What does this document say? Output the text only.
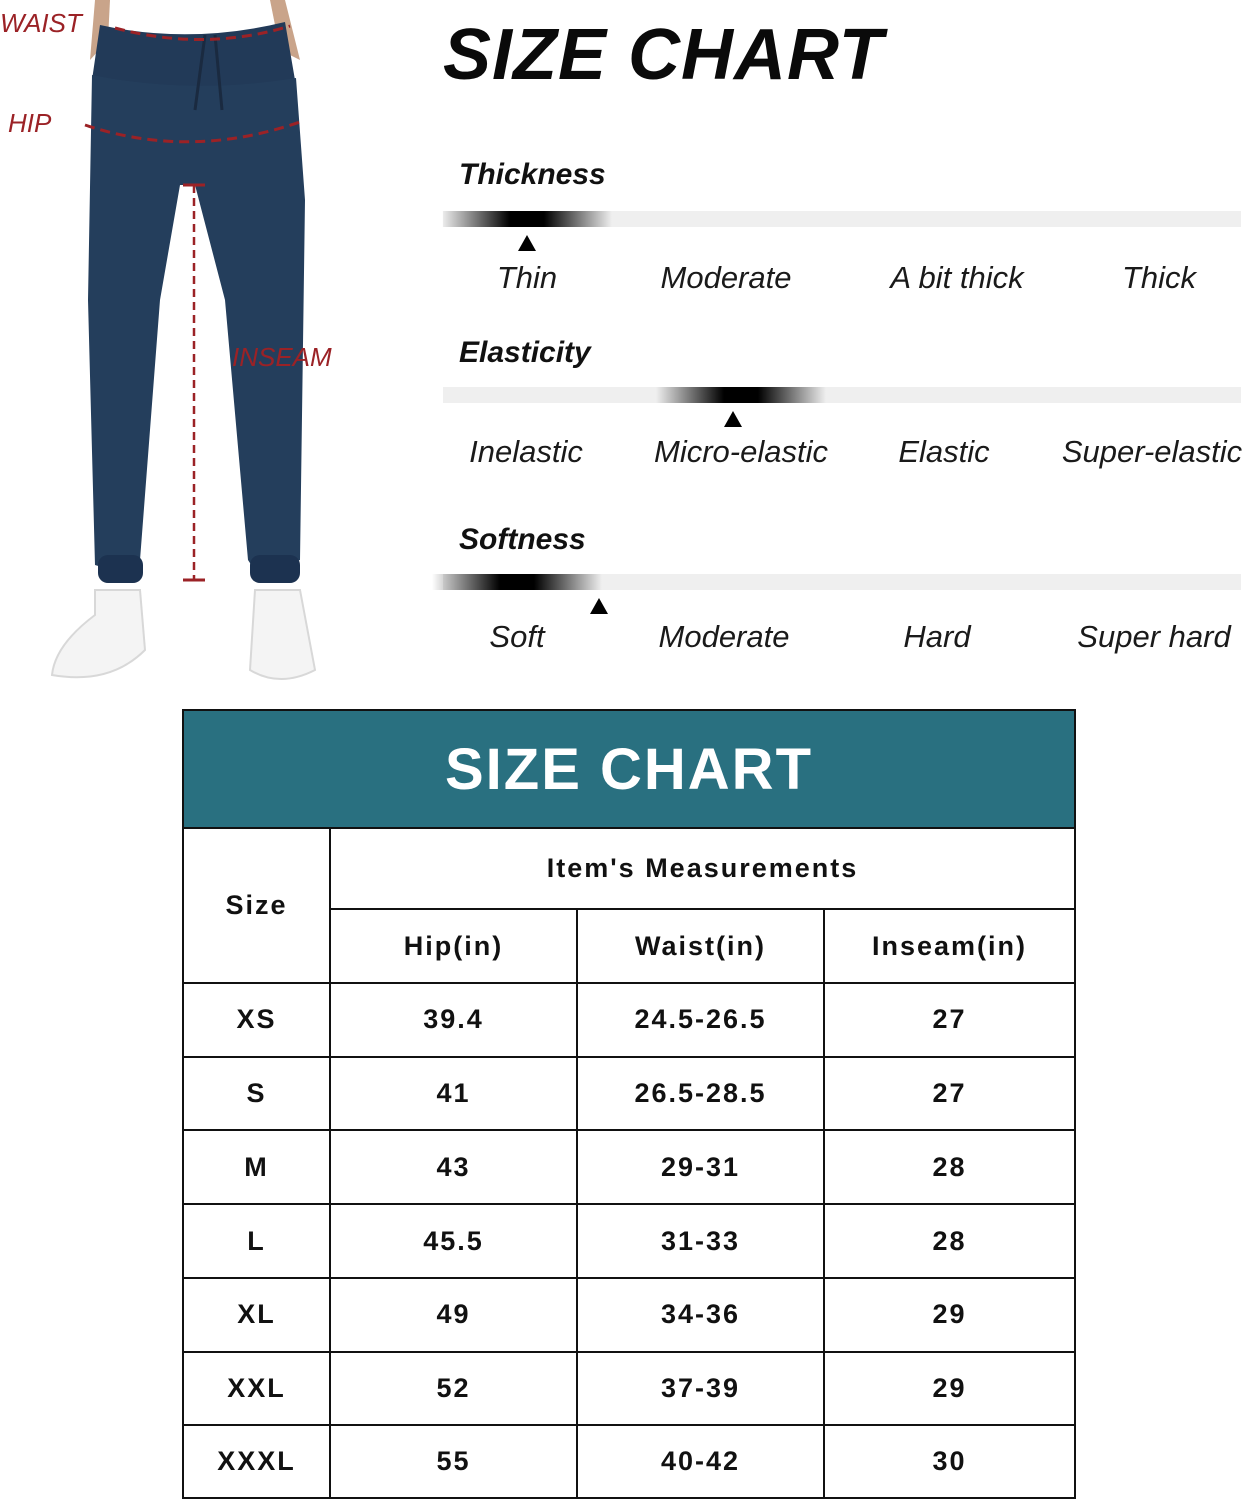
WAIST
HIP
INSEAM
SIZE CHART
Thickness
Thin	Moderate	A bit thick	Thick
Elasticity
Inelastic Micro-elastic Elastic Super-elastic
Softness
Soft	Moderate	Hard	Super hard
SIZE CHART
Size	Item's Measurements		
	Hip(in)	Waist(in)	Inseam(in)
XS	39.4	24.5-26.5	27
S	41	26.5-28.5	27
M	43	29-31	28
L	45.5	31-33	28
XL	49	34-36	29
XXL	52	37-39	29
XXXL	55	40-42	30
